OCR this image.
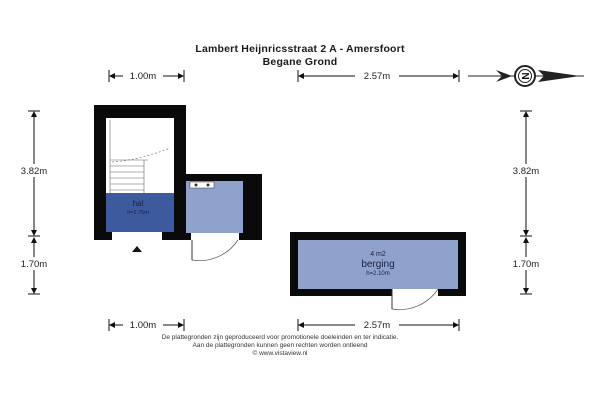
Lambert Heijnricsstraat 2 A - Amersfoort
Begane Grond
1.00m	2.57m
1.00m	2.57m
3.82m
1.70m
3.82m
1.70m
N
hal
h=2.75m
4 m2
berging
h=2.10m
De plattegronden zijn geproduceerd voor promotionele doeleinden en ter indicatie.
Aan de plattegronden kunnen geen rechten worden ontleend
© www.vistaview.nl
